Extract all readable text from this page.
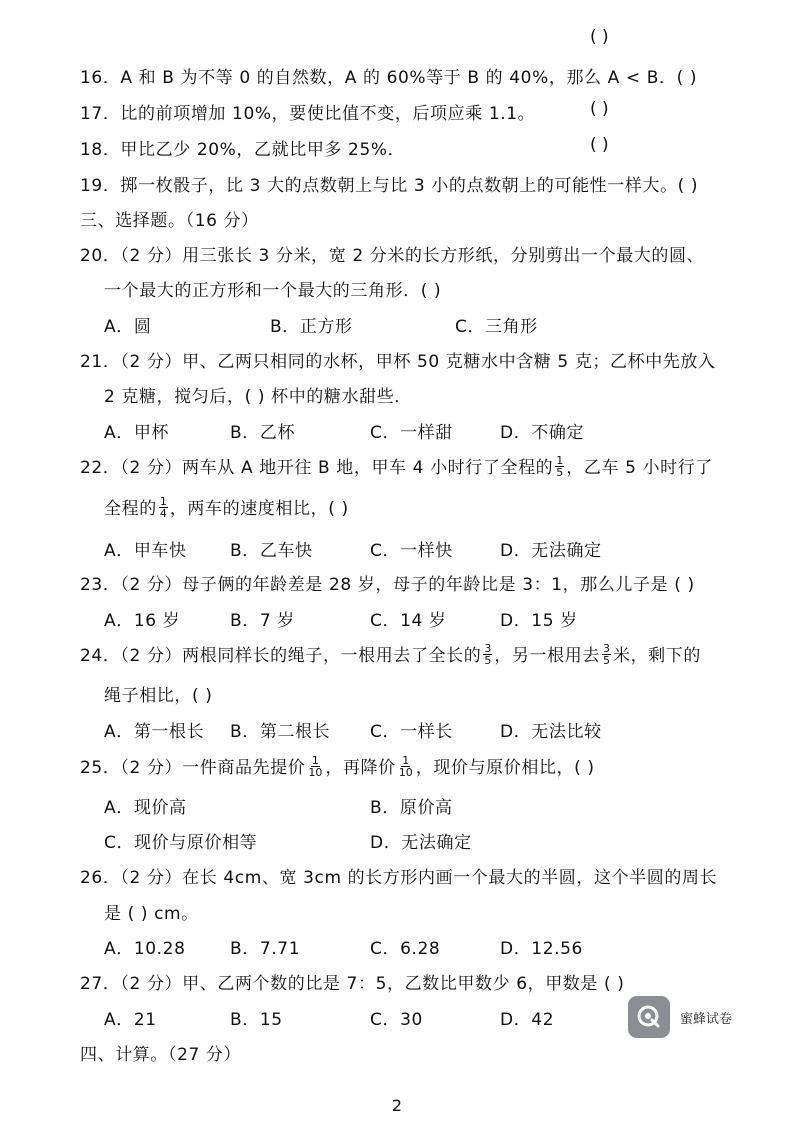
( )
16．A 和 B 为不等 0 的自然数，A 的 60%等于 B 的 40%，那么 A < B．( )
17．比的前项增加 10%，要使比值不变，后项应乘 1.1。	( )
18．甲比乙少 20%，乙就比甲多 25%．	( )
19．掷一枚骰子，比 3 大的点数朝上与比 3 小的点数朝上的可能性一样大。( )
三、选择题。（16 分）
20．（2 分）用三张长 3 分米，宽 2 分米的长方形纸，分别剪出一个最大的圆、
一个最大的正方形和一个最大的三角形．( )
A．圆	B．正方形	C．三角形
21．（2 分）甲、乙两只相同的水杯，甲杯 50 克糖水中含糖 5 克；乙杯中先放入
2 克糖，搅匀后，( ) 杯中的糖水甜些．
A．甲杯	B．乙杯	C．一样甜	D．不确定
22．（2 分）两车从 A 地开往 B 地，甲车 4 小时行了全程的 $\frac{1}{5}$ ，乙车 5 小时行了
全程的 $\frac{1}{4}$ ，两车的速度相比，( )
A．甲车快	B．乙车快	C．一样快	D．无法确定
23．（2 分）母子俩的年龄差是 28 岁，母子的年龄比是 3：1，那么儿子是 ( )
A．16 岁	B．7 岁	C．14 岁	D．15 岁
24．（2 分）两根同样长的绳子，一根用去了全长的 $\frac{3}{5}$ ，另一根用去 $\frac{3}{5}$ 米，剩下的
绳子相比，( )
A．第一根长 B．第二根长 C．一样长	D．无法比较
25．（2 分）一件商品先提价 $\frac{1}{10}$ ，再降价 $\frac{1}{10}$ ，现价与原价相比，( )
A．现价高	B．原价高
C．现价与原价相等	D．无法确定
26．（2 分）在长 4cm、宽 3cm 的长方形内画一个最大的半圆，这个半圆的周长
是 ( ) cm。
A．10.28	B．7.71	C．6.28	D．12.56
27．（2 分）甲、乙两个数的比是 7：5，乙数比甲数少 6，甲数是 ( )
A．21	B．15	C．30	D．42
四、计算。（27 分）
蜜蜂试卷
2
